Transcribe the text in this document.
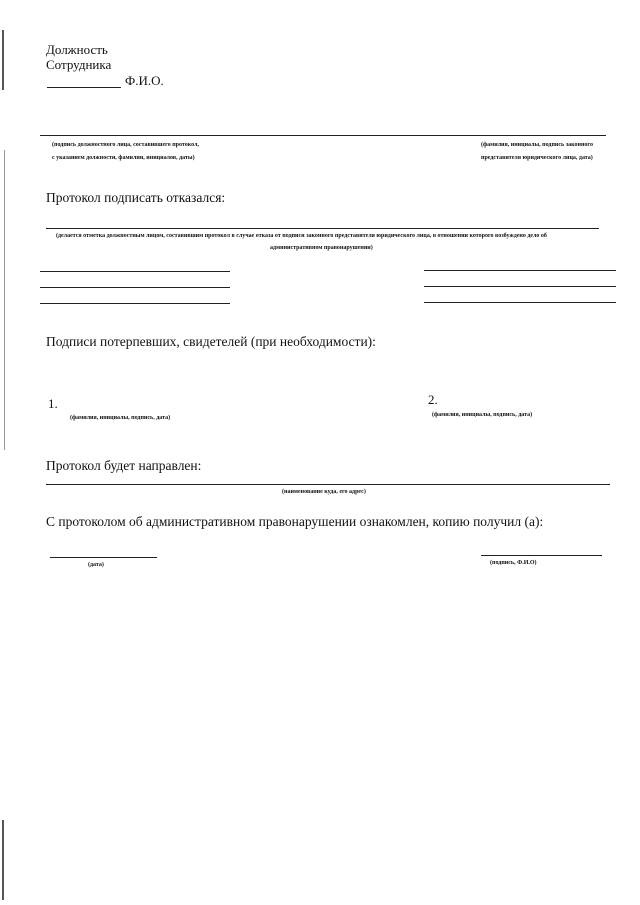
Должность
Сотрудника
Ф.И.О.
(подпись должностного лица, составившего протокол,
с указанием должности, фамилии, инициалов, даты)
(фамилия, инициалы, подпись законного
представителя юридического лица, дата)
Протокол подписать отказался:
(делается отметка должностным лицом, составившим протокол в случае отказа от подписи законного представителя юридического лица, в отношении которого возбуждено дело об
административном правонарушении)
Подписи потерпевших, свидетелей (при необходимости):
1.
(фамилия, инициалы, подпись, дата)
2.
(фамилия, инициалы, подпись, дата)
Протокол будет направлен:
(наименование куда, его адрес)
С протоколом об административном правонарушении ознакомлен, копию получил (а):
(дата)	(подпись, Ф.И.О)
